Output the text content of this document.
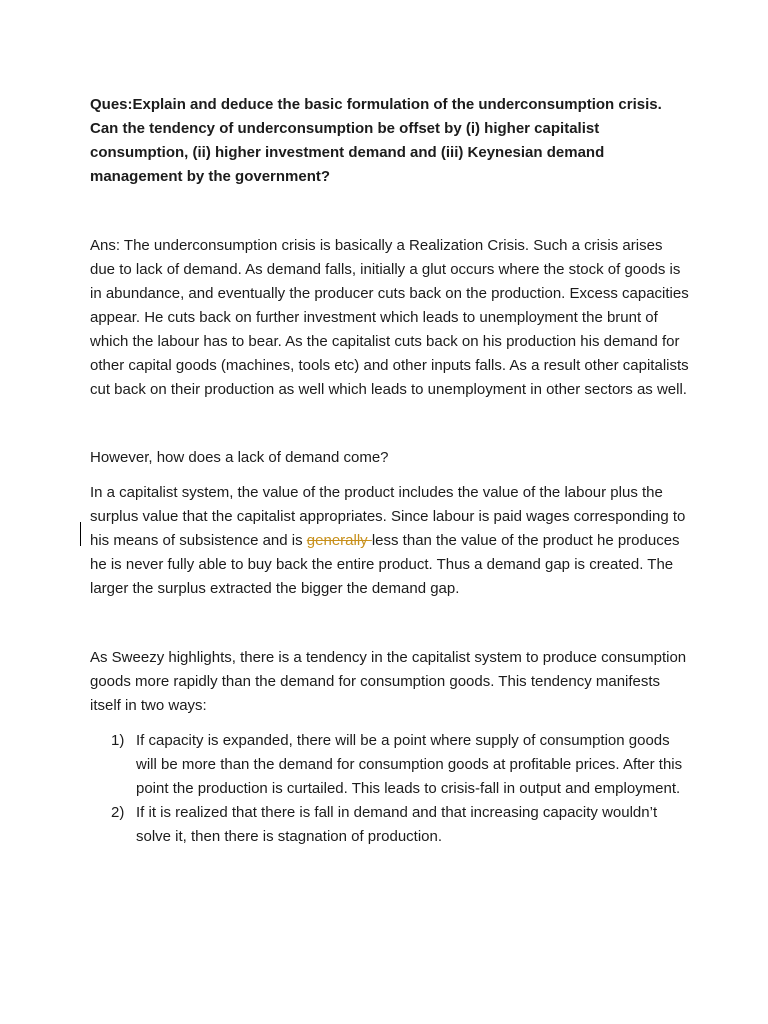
Ques:Explain and deduce the basic formulation of the underconsumption crisis. Can the tendency of underconsumption be offset by (i) higher capitalist consumption, (ii) higher investment demand and (iii) Keynesian demand management by the government?

Ans: The underconsumption crisis is basically a Realization Crisis. Such a crisis arises due to lack of demand. As demand falls, initially a glut occurs where the stock of goods is in abundance, and eventually the producer cuts back on the production. Excess capacities appear. He cuts back on further investment which leads to unemployment the brunt of which the labour has to bear. As the capitalist cuts back on his production his demand for other capital goods (machines, tools etc) and other inputs falls. As a result other capitalists cut back on their production as well which leads to unemployment in other sectors as well.

However, how does a lack of demand come?

In a capitalist system, the value of the product includes the value of the labour plus the surplus value that the capitalist appropriates. Since labour is paid wages corresponding to his means of subsistence and is generally less than the value of the product he produces he is never fully able to buy back the entire product. Thus a demand gap is created. The larger the surplus extracted the bigger the demand gap.

As Sweezy highlights, there is a tendency in the capitalist system to produce consumption goods more rapidly than the demand for consumption goods. This tendency manifests itself in two ways:

1) If capacity is expanded, there will be a point where supply of consumption goods will be more than the demand for consumption goods at profitable prices. After this point the production is curtailed. This leads to crisis-fall in output and employment.
2) If it is realized that there is fall in demand and that increasing capacity wouldn’t solve it, then there is stagnation of production.
